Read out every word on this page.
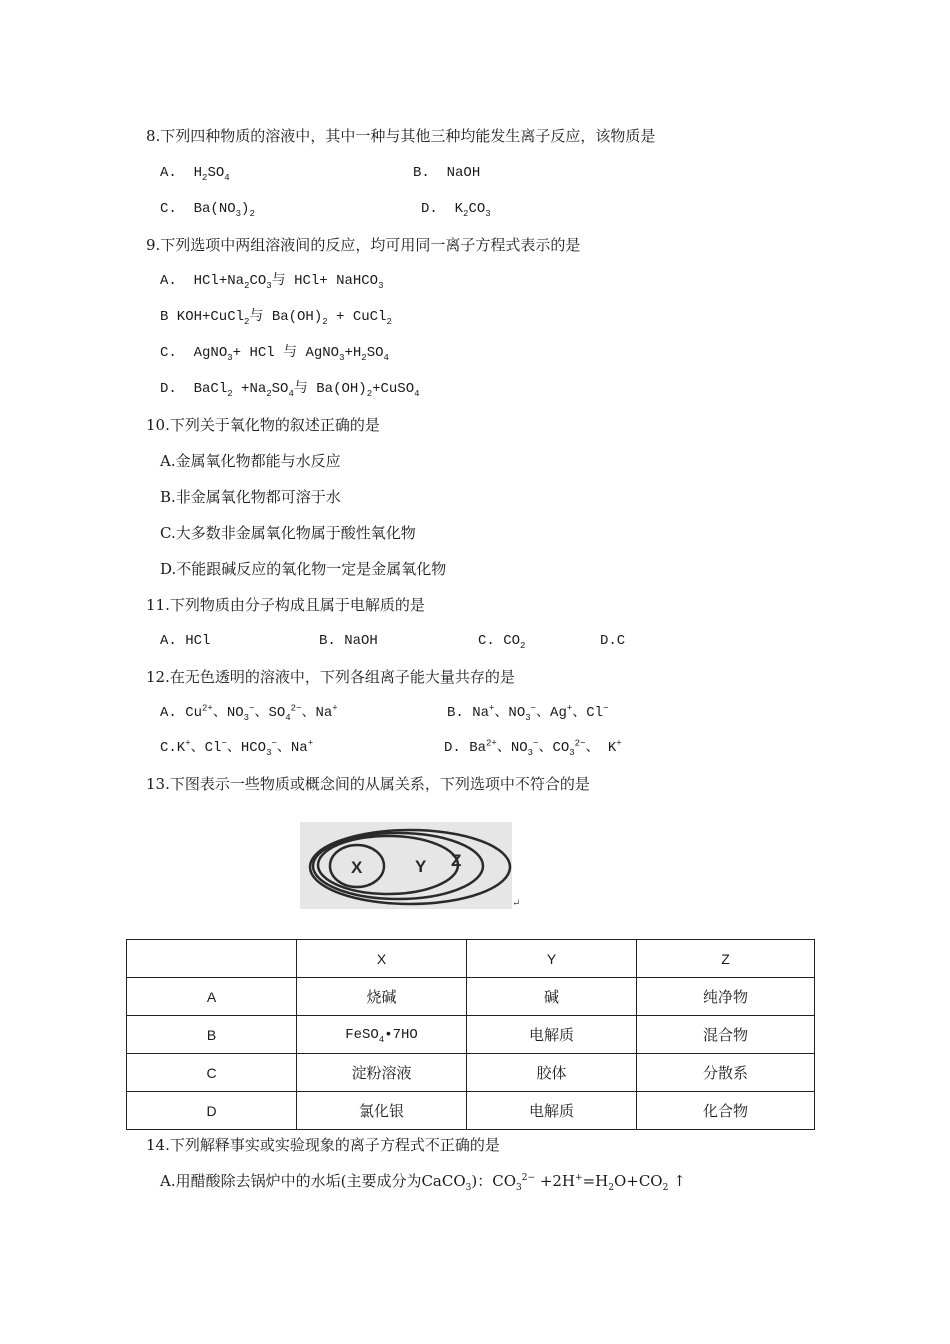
8.下列四种物质的溶液中，其中一种与其他三种均能发生离子反应，该物质是
A. $H_2SO_4$	B. NaOH
C. $Ba(NO_3)_2$	D. $K_2CO_3$
9.下列选项中两组溶液间的反应，均可用同一离子方程式表示的是
A. $HCl+Na_2CO_3$与 HCl+ NaHCO$_3$
B KOH+CuCl$_2$与 $Ba(OH)_2$ + CuCl$_2$
C. AgNO$_3$+ HCl 与 $AgNO_3+H_2SO_4$
D. BaCl$_2$ $+Na_2SO_4$与 $Ba(OH)_2+CuSO_4$
10.下列关于氧化物的叙述正确的是
A.金属氧化物都能与水反应
B.非金属氧化物都可溶于水
C.大多数非金属氧化物属于酸性氧化物
D.不能跟碱反应的氧化物一定是金属氧化物
11.下列物质由分子构成且属于电解质的是
A. HCl	B. NaOH	C. $CO_2$	D.C
12.在无色透明的溶液中，下列各组离子能大量共存的是
A. $Cu^{2+}$、$NO_3^-$、$SO_4^{2-}$、Na+	B. Na+、$NO_3^-$、Ag+、Cl−
C.K+、Cl−、$HCO_3^-$、Na+	D. $Ba^{2+}$、$NO_3^-$、$CO_3^{2-}$、 K+
13.下图表示一些物质或概念间的从属关系，下列选项中不符合的是
X	Y Z
↵
	X	Y	Z
A	烧碱	碱	纯净物
B	FeSO$_4$•7HO	电解质	混合物
C	淀粉溶液	胶体	分散系
D	氯化银	电解质	化合物
14.下列解释事实或实验现象的离子方程式不正确的是
A.用醋酸除去锅炉中的水垢(主要成分为CaCO$_3$)：$CO_3^{2-} +2H^+=H_2O+CO_2$ ↑
